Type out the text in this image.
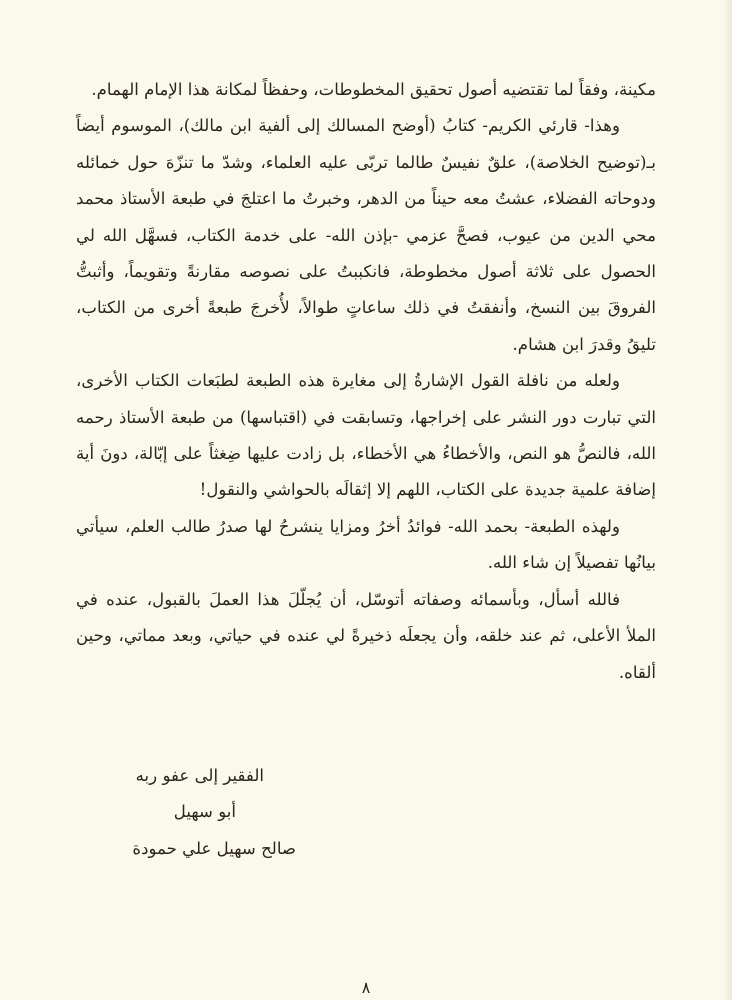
مكينة، وفقاً لما تقتضيه أصول تحقيق المخطوطات، وحفظاً لمكانة هذا الإمام الهمام.

وهذا- قارئي الكريم- كتابُ (أوضح المسالك إلى ألفية ابن مالك)، الموسوم أيضاً بـ(توضيح الخلاصة)، علقٌ نفيسٌ طالما تربّى عليه العلماء، وشدّ ما تنزّهَ حول خمائله ودوحاته الفضلاء، عشتُ معه حيناً من الدهر، وخبرتُ ما اعتلجَ في طبعة الأستاذ محمد محي الدين من عيوب، فصحَّ عزمي -بإذن الله- على خدمة الكتاب، فسهَّل الله لي الحصول على ثلاثة أصول مخطوطة، فانكببتُ على نصوصه مقارنةً وتقويماً، وأثبتُّ الفروقَ بين النسخ، وأنفقتُ في ذلك ساعاتٍ طوالاً، لأُخرجَ طبعةً أخرى من الكتاب، تليقُ وقدرَ ابن هشام.

ولعله من نافلة القول الإشارةُ إلى مغايرة هذه الطبعة لطبَعات الكتاب الأخرى، التي تبارت دور النشر على إخراجها، وتسابقت في (اقتباسها) من طبعة الأستاذ رحمه الله، فالنصُّ هو النص، والأخطاءُ هي الأخطاء، بل زادت عليها ضِغثاً على إبّالة، دونَ أية إضافة علمية جديدة على الكتاب، اللهم إلا إثقالَه بالحواشي والنقول!

ولهذه الطبعة- بحمد الله- فوائدُ أخرُ ومزايا ينشرحُ لها صدرُ طالب العلم، سيأتي بيانُها تفصيلاً إن شاء الله.

فالله أسأل، وبأسمائه وصفاته أتوسّل، أن يُجلّلَ هذا العملَ بالقبول، عنده في الملأ الأعلى، ثم عند خلقه، وأن يجعلَه ذخيرةً لي عنده في حياتي، وبعد مماتي، وحين ألقاه.

الفقير إلى عفو ربه
أبو سهيل
صالح سهيل علي حمودة
٨
